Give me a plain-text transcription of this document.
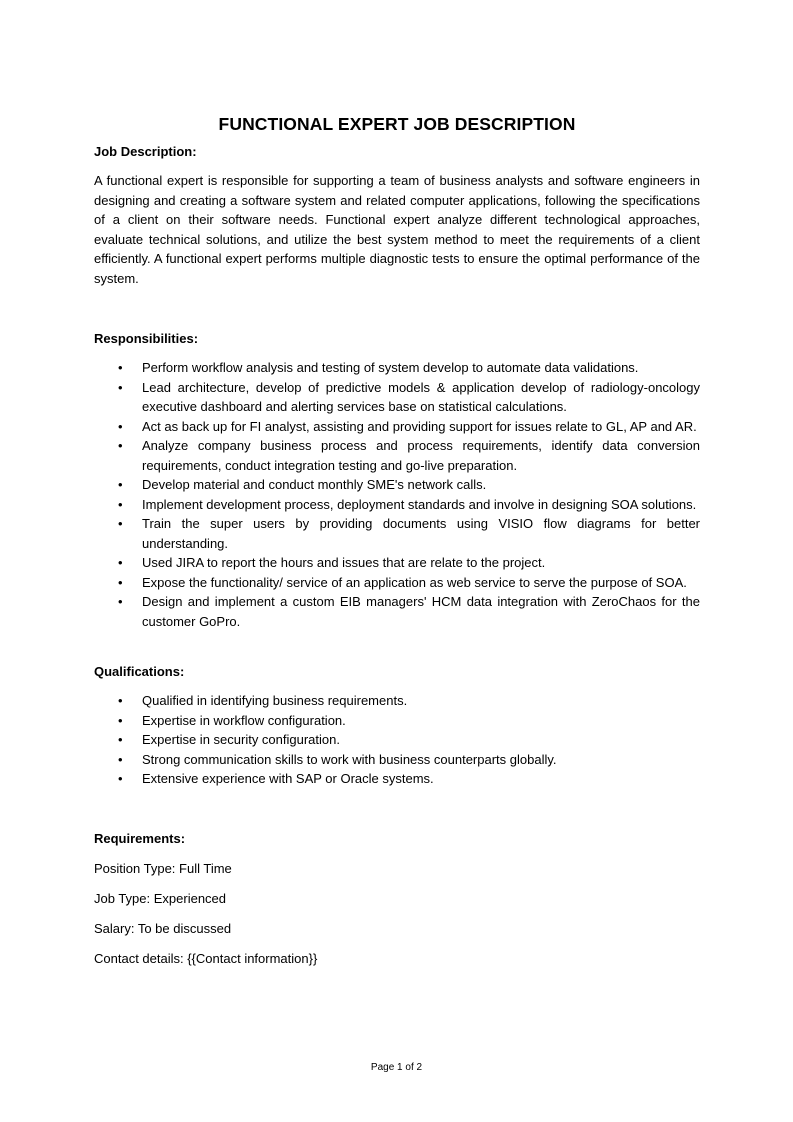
FUNCTIONAL EXPERT JOB DESCRIPTION

Job Description:

A functional expert is responsible for supporting a team of business analysts and software engineers in designing and creating a software system and related computer applications, following the specifications of a client on their software needs. Functional expert analyze different technological approaches, evaluate technical solutions, and utilize the best system method to meet the requirements of a client efficiently. A functional expert performs multiple diagnostic tests to ensure the optimal performance of the system.

Responsibilities:

• Perform workflow analysis and testing of system develop to automate data validations.
• Lead architecture, develop of predictive models & application develop of radiology-oncology executive dashboard and alerting services base on statistical calculations.
• Act as back up for FI analyst, assisting and providing support for issues relate to GL, AP and AR.
• Analyze company business process and process requirements, identify data conversion requirements, conduct integration testing and go-live preparation.
• Develop material and conduct monthly SME's network calls.
• Implement development process, deployment standards and involve in designing SOA solutions.
• Train the super users by providing documents using VISIO flow diagrams for better understanding.
• Used JIRA to report the hours and issues that are relate to the project.
• Expose the functionality/ service of an application as web service to serve the purpose of SOA.
• Design and implement a custom EIB managers' HCM data integration with ZeroChaos for the customer GoPro.

Qualifications:

• Qualified in identifying business requirements.
• Expertise in workflow configuration.
• Expertise in security configuration.
• Strong communication skills to work with business counterparts globally.
• Extensive experience with SAP or Oracle systems.

Requirements:

Position Type: Full Time

Job Type: Experienced

Salary: To be discussed

Contact details: {{Contact information}}

Page 1 of 2
